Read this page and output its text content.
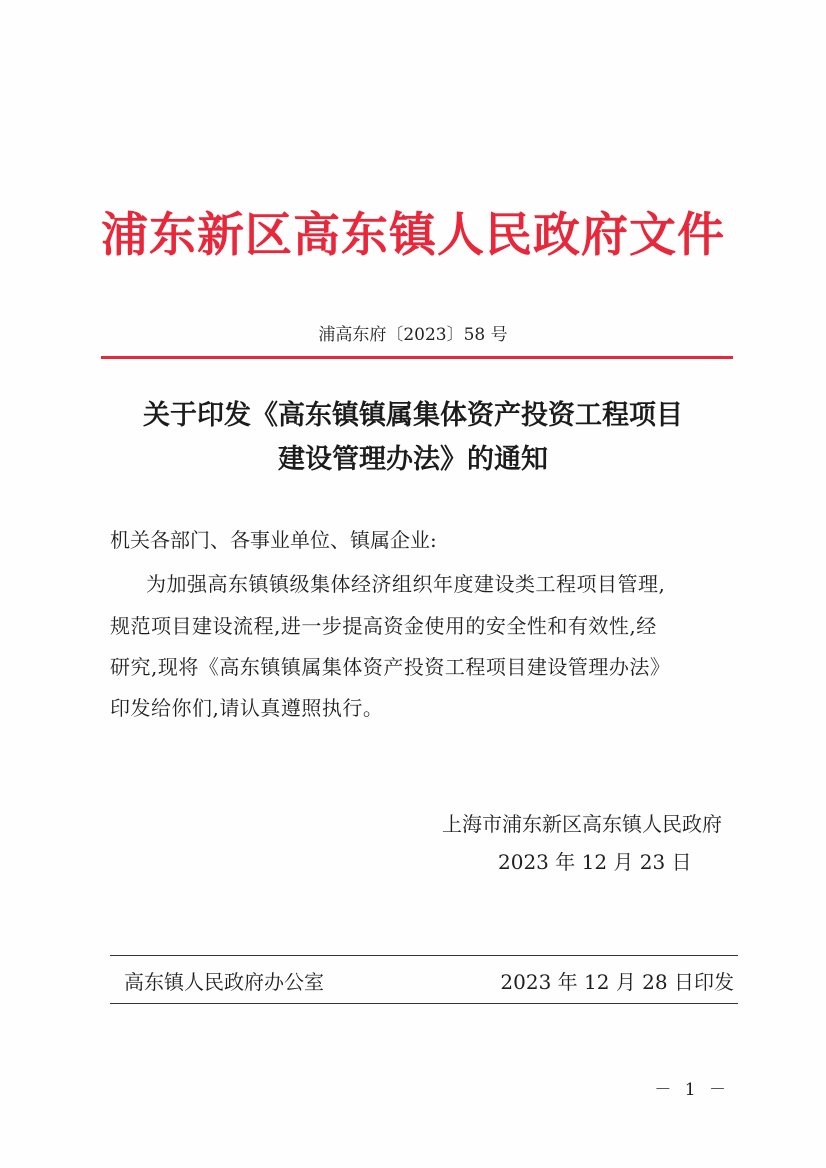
浦东新区高东镇人民政府文件
浦高东府〔2023〕58 号
关于印发《高东镇镇属集体资产投资工程项目
建设管理办法》的通知
机关各部门、各事业单位、镇属企业:
为加强高东镇镇级集体经济组织年度建设类工程项目管理,
规范项目建设流程,进一步提高资金使用的安全性和有效性,经
研究,现将《高东镇镇属集体资产投资工程项目建设管理办法》
印发给你们,请认真遵照执行。
上海市浦东新区高东镇人民政府
2023 年 12 月 23 日
高东镇人民政府办公室	2023 年 12 月 28 日印发
－ 1 －
